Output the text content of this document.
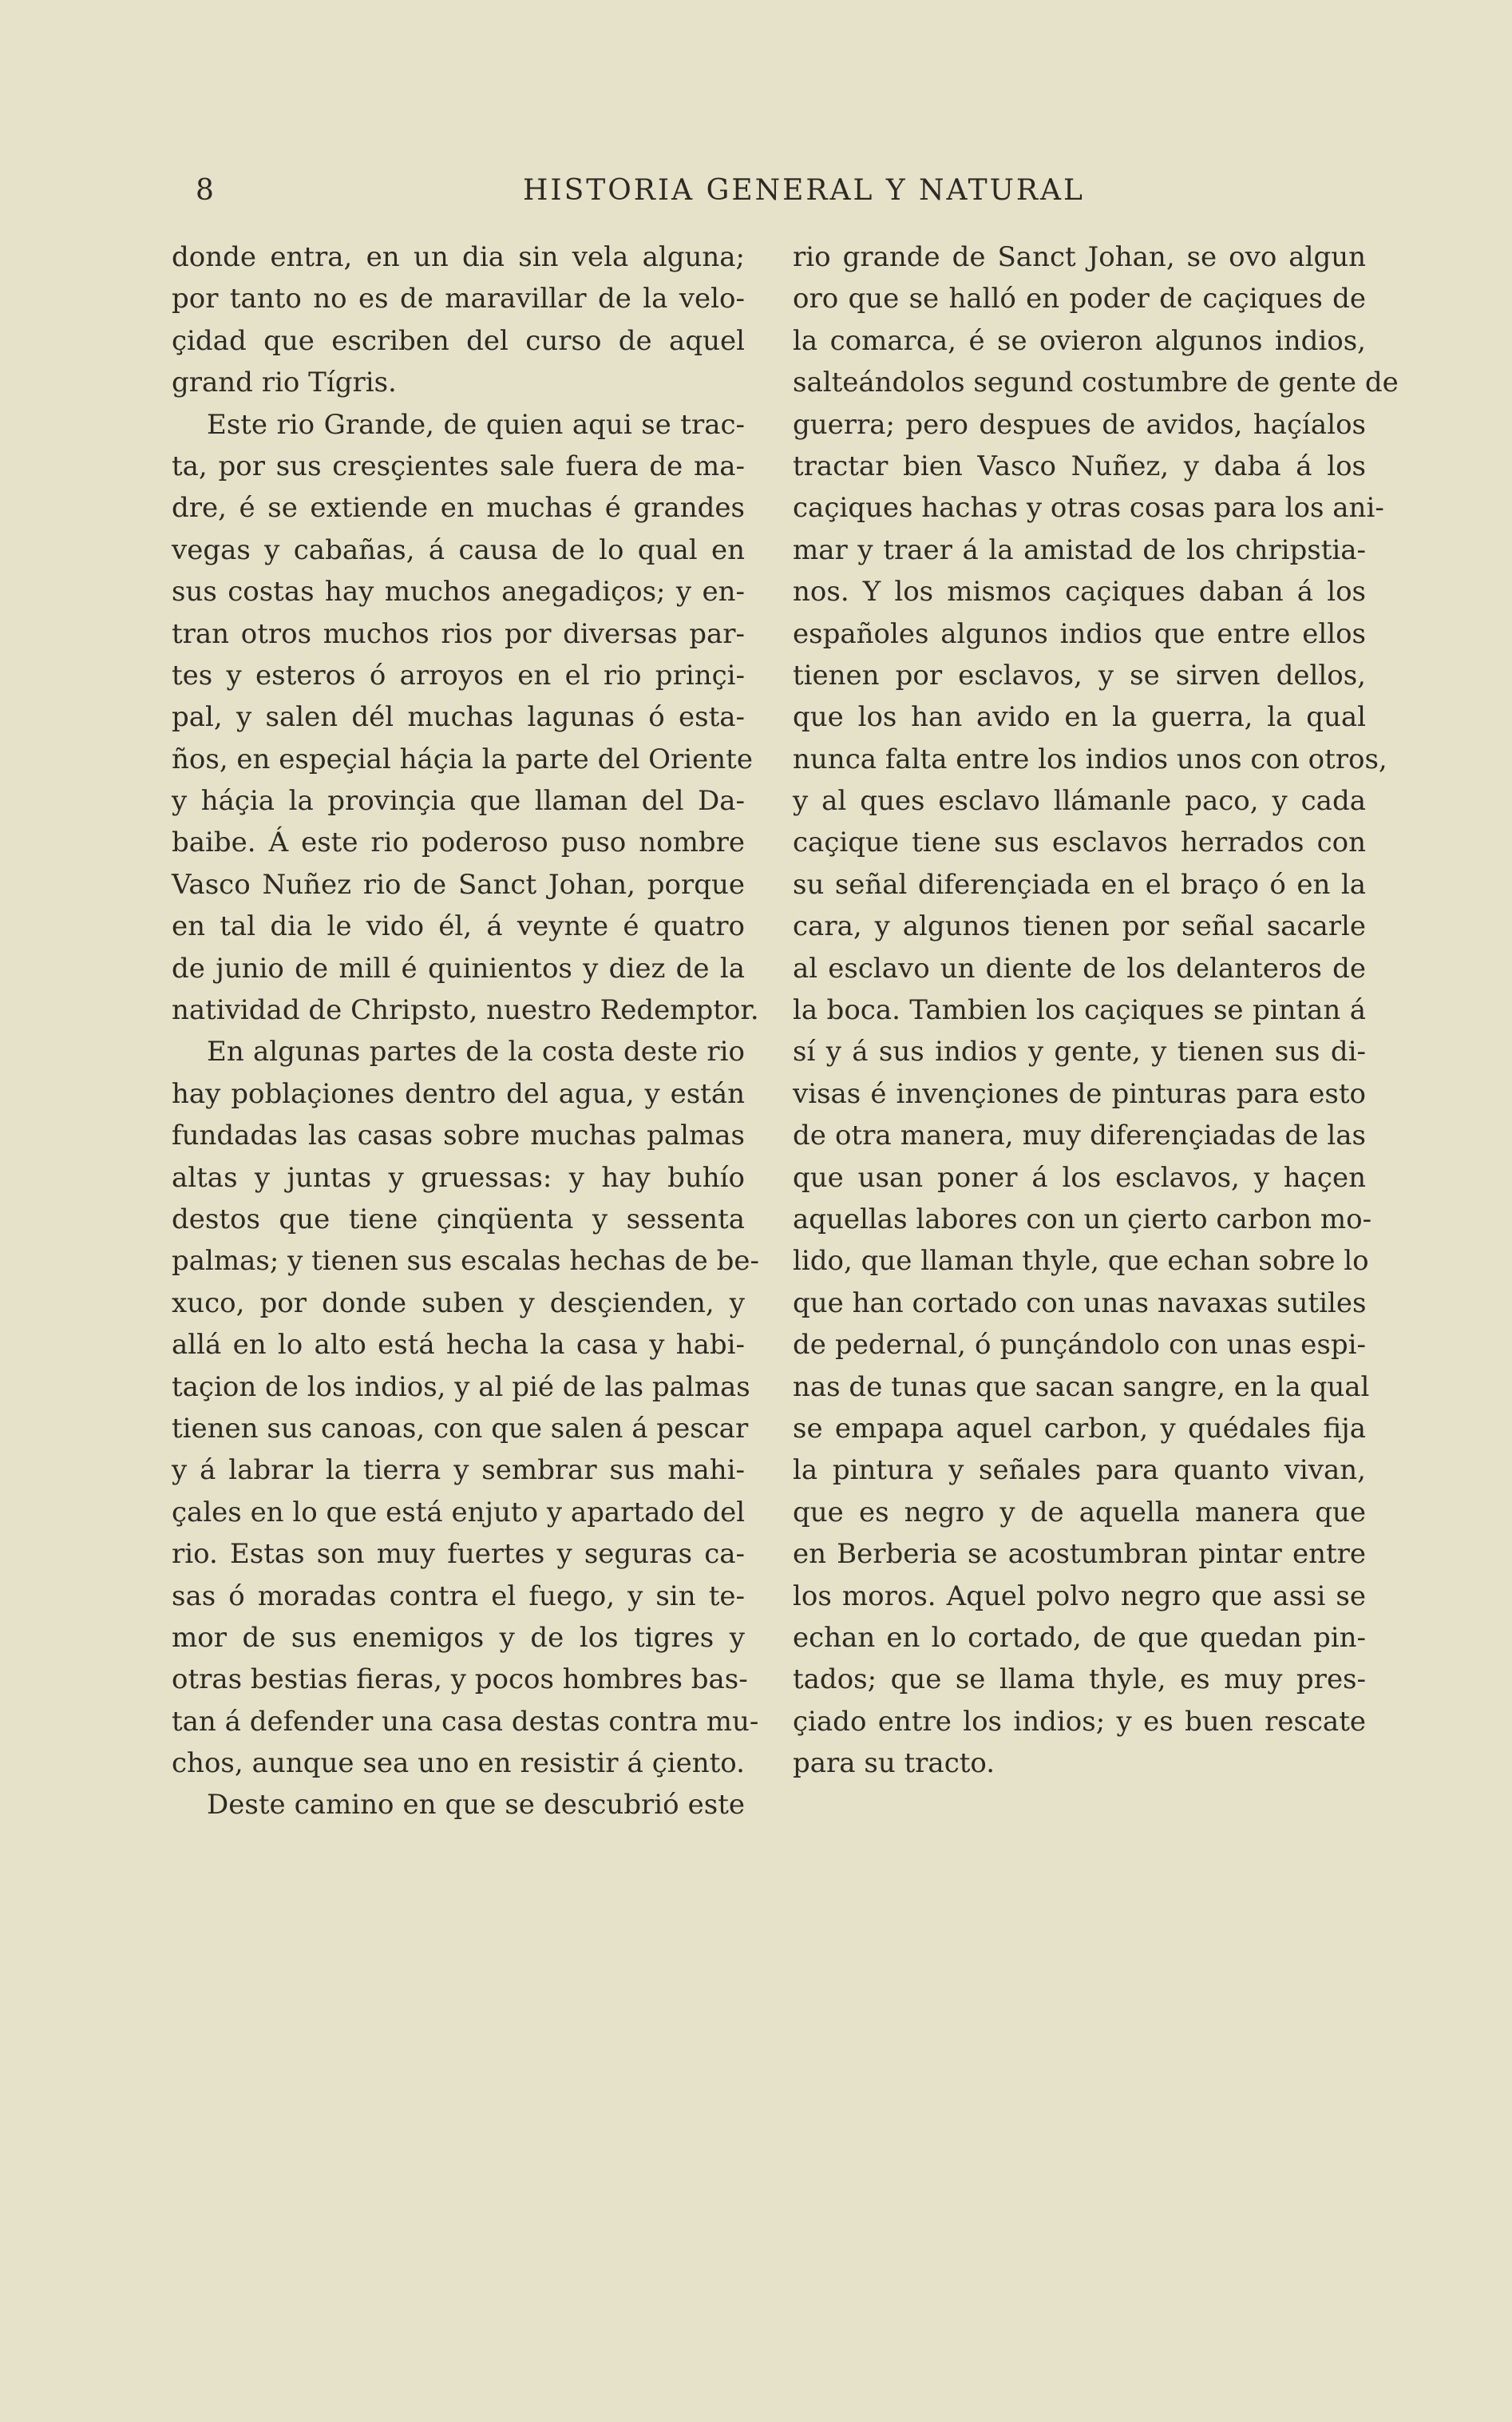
8	HISTORIA GENERAL Y NATURAL
donde entra, en un dia sin vela alguna;
por tanto no es de maravillar de la velo-
çidad que escriben del curso de aquel
grand rio Tígris.
Este rio Grande, de quien aqui se trac-
ta, por sus cresçientes sale fuera de ma-
dre, é se extiende en muchas é grandes
vegas y cabañas, á causa de lo qual en
sus costas hay muchos anegadiços; y en-
tran otros muchos rios por diversas par-
tes y esteros ó arroyos en el rio prinçi-
pal, y salen dél muchas lagunas ó esta-
ños, en espeçial háçia la parte del Oriente
y háçia la provinçia que llaman del Da-
baibe. Á este rio poderoso puso nombre
Vasco Nuñez rio de Sanct Johan, porque
en tal dia le vido él, á veynte é quatro
de junio de mill é quinientos y diez de la
natividad de Chripsto, nuestro Redemptor.
En algunas partes de la costa deste rio
hay poblaçiones dentro del agua, y están
fundadas las casas sobre muchas palmas
altas y juntas y gruessas: y hay buhío
destos que tiene çinqüenta y sessenta
palmas; y tienen sus escalas hechas de be-
xuco, por donde suben y desçienden, y
allá en lo alto está hecha la casa y habi-
taçion de los indios, y al pié de las palmas
tienen sus canoas, con que salen á pescar
y á labrar la tierra y sembrar sus mahi-
çales en lo que está enjuto y apartado del
rio. Estas son muy fuertes y seguras ca-
sas ó moradas contra el fuego, y sin te-
mor de sus enemigos y de los tigres y
otras bestias fieras, y pocos hombres bas-
tan á defender una casa destas contra mu-
chos, aunque sea uno en resistir á çiento.
Deste camino en que se descubrió este
rio grande de Sanct Johan, se ovo algun
oro que se halló en poder de caçiques de
la comarca, é se ovieron algunos indios,
salteándolos segund costumbre de gente de
guerra; pero despues de avidos, haçíalos
tractar bien Vasco Nuñez, y daba á los
caçiques hachas y otras cosas para los ani-
mar y traer á la amistad de los chripstia-
nos. Y los mismos caçiques daban á los
españoles algunos indios que entre ellos
tienen por esclavos, y se sirven dellos,
que los han avido en la guerra, la qual
nunca falta entre los indios unos con otros,
y al ques esclavo llámanle paco, y cada
caçique tiene sus esclavos herrados con
su señal diferençiada en el braço ó en la
cara, y algunos tienen por señal sacarle
al esclavo un diente de los delanteros de
la boca. Tambien los caçiques se pintan á
sí y á sus indios y gente, y tienen sus di-
visas é invençiones de pinturas para esto
de otra manera, muy diferençiadas de las
que usan poner á los esclavos, y haçen
aquellas labores con un çierto carbon mo-
lido, que llaman thyle, que echan sobre lo
que han cortado con unas navaxas sutiles
de pedernal, ó punçándolo con unas espi-
nas de tunas que sacan sangre, en la qual
se empapa aquel carbon, y quédales fija
la pintura y señales para quanto vivan,
que es negro y de aquella manera que
en Berberia se acostumbran pintar entre
los moros. Aquel polvo negro que assi se
echan en lo cortado, de que quedan pin-
tados; que se llama thyle, es muy pres-
çiado entre los indios; y es buen rescate
para su tracto.
